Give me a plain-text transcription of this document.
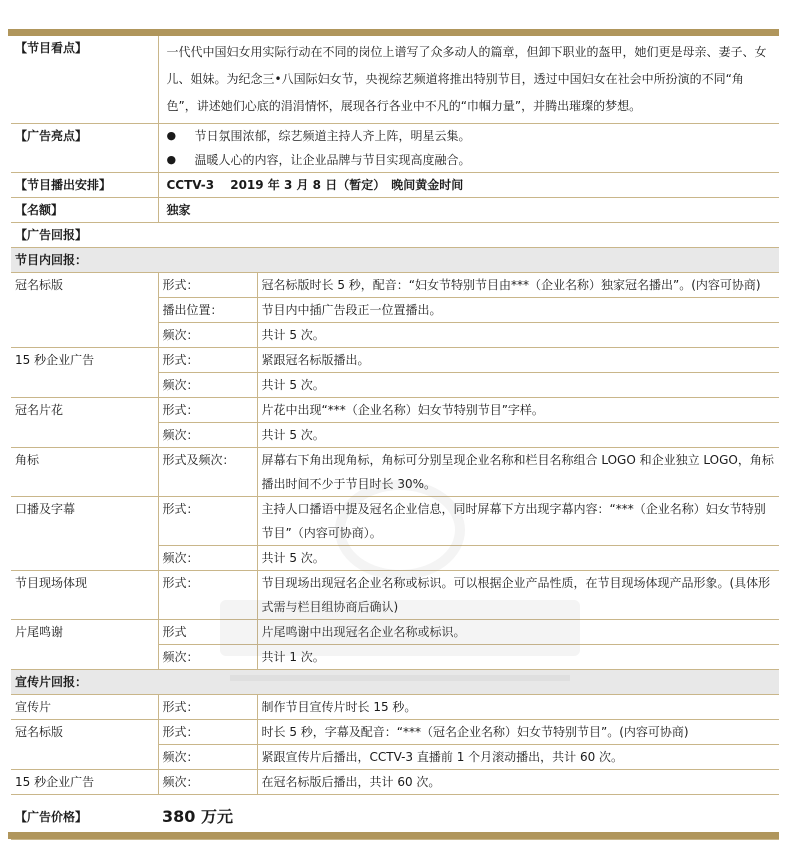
【节目看点】	一代代中国妇女用实际行动在不同的岗位上谱写了众多动人的篇章，但卸下职业的盔甲，她们更是母亲、妻子、女儿、姐妹。为纪念三•八国际妇女节，央视综艺频道将推出特别节目，透过中国妇女在社会中所扮演的不同“角色”，讲述她们心底的涓涓情怀，展现各行各业中不凡的“巾帼力量”，并腾出璀璨的梦想。	
【广告亮点】	● 节日氛围浓郁，综艺频道主持人齐上阵，明星云集。
● 温暖人心的内容，让企业品牌与节目实现高度融合。	

【节目播出安排】	CCTV-3　 2019 年 3 月 8 日（暂定）　晚间黄金时间	
【名额】	独家	
【广告回报】		
节目内回报：		
冠名标版	形式：	冠名标版时长 5 秒，配音：“妇女节特别节目由***（企业名称）独家冠名播出”。(内容可协商)
	播出位置：	节目内中插广告段正一位置播出。
	频次：	共计 5 次。
15 秒企业广告	形式：	紧跟冠名标版播出。
	频次：	共计 5 次。
冠名片花	形式：	片花中出现“***（企业名称）妇女节特别节目”字样。
	频次：	共计 5 次。
角标	形式及频次：	屏幕右下角出现角标，角标可分别呈现企业名称和栏目名称组合 LOGO 和企业独立 LOGO，角标播出时间不少于节目时长 30%。
口播及字幕	形式：	主持人口播语中提及冠名企业信息，同时屏幕下方出现字幕内容：“***（企业名称）妇女节特别节目”（内容可协商）。
	频次：	共计 5 次。
节目现场体现	形式：	节目现场出现冠名企业名称或标识。可以根据企业产品性质，在节目现场体现产品形象。(具体形式需与栏目组协商后确认)
片尾鸣谢	形式	片尾鸣谢中出现冠名企业名称或标识。
	频次：	共计 1 次。
宣传片回报：		
宣传片	形式：	制作节目宣传片时长 15 秒。
冠名标版	形式：	时长 5 秒，字幕及配音：“***（冠名企业名称）妇女节特别节目”。(内容可协商)
	频次：	紧跟宣传片后播出，CCTV-3 直播前 1 个月滚动播出，共计 60 次。
15 秒企业广告	频次：	在冠名标版后播出，共计 60 次。
【广告价格】	380 万元	
